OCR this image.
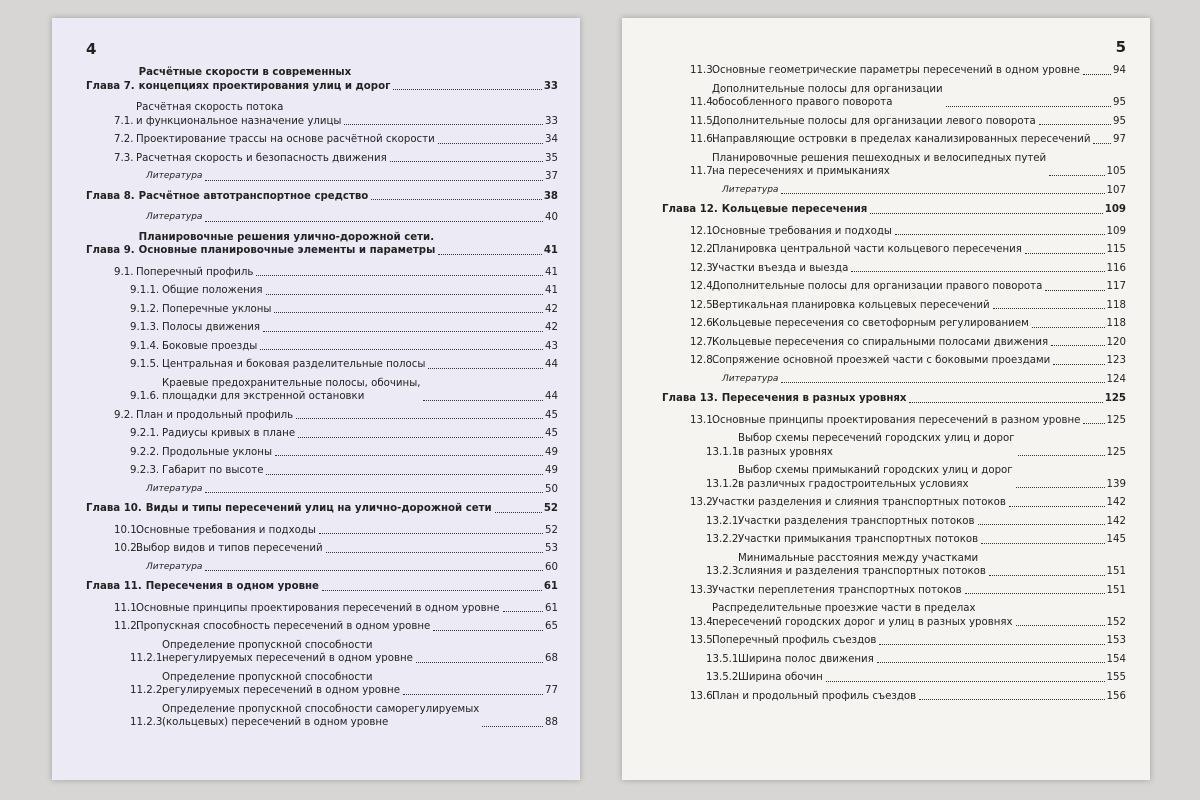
4
Глава 7.
Расчётные скорости в современных
концепциях проектирования улиц и дорог	33
7.1.
Расчётная скорость потока
и функциональное назначение улицы	33
7.2. Проектирование трассы на основе расчётной скорости	34
7.3. Расчетная скорость и безопасность движения	35
Литература	37
Глава 8. Расчётное автотранспортное средство	38
Литература	40
Глава 9.
Планировочные решения улично-дорожной сети.
Основные планировочные элементы и параметры	41
9.1. Поперечный профиль	41
9.1.1. Общие положения	41
9.1.2. Поперечные уклоны	42
9.1.3. Полосы движения	42
9.1.4. Боковые проезды	43
9.1.5. Центральная и боковая разделительные полосы	44
9.1.6.
Краевые предохранительные полосы, обочины,
площадки для экстренной остановки	44
9.2. План и продольный профиль	45
9.2.1. Радиусы кривых в плане	45
9.2.2. Продольные уклоны	49
9.2.3. Габарит по высоте	49
Литература	50
Глава 10. Виды и типы пересечений улиц на улично-дорожной сети	52
10.1.
Основные требования и подходы	52
10.2.
Выбор видов и типов пересечений	53
Литература	60
Глава 11. Пересечения в одном уровне	61
11.1.
Основные принципы проектирования пересечений в одном уровне	61
11.2.
Пропускная способность пересечений в одном уровне	65
11.2.1.
Определение пропускной способности
нерегулируемых пересечений в одном уровне	68
11.2.2.
Определение пропускной способности
регулируемых пересечений в одном уровне	77
11.2.3.
Определение пропускной способности саморегулируемых
(кольцевых) пересечений в одном уровне	88
5
11.3.
Основные геометрические параметры пересечений в одном уровне	94
11.4.
Дополнительные полосы для организации
обособленного правого поворота	95
11.5.
Дополнительные полосы для организации левого поворота	95
11.6.
Направляющие островки в пределах канализированных пересечений 97
11.7.
Планировочные решения пешеходных и велосипедных путей
на пересечениях и примыканиях	105
Литература	107
Глава 12. Кольцевые пересечения	109
12.1.
Основные требования и подходы	109
12.2.
Планировка центральной части кольцевого пересечения	115
12.3.
Участки въезда и выезда	116
12.4.
Дополнительные полосы для организации правого поворота	117
12.5.
Вертикальная планировка кольцевых пересечений	118
12.6.
Кольцевые пересечения со светофорным регулированием	118
12.7.
Кольцевые пересечения со спиральными полосами движения	120
12.8.
Сопряжение основной проезжей части с боковыми проездами	123
Литература	124
Глава 13. Пересечения в разных уровнях	125
13.1.
Основные принципы проектирования пересечений в разном уровне	125
13.1.1.
Выбор схемы пересечений городских улиц и дорог
в разных уровнях	125
13.1.2.
Выбор схемы примыканий городских улиц и дорог
в различных градостроительных условиях	139
13.2.
Участки разделения и слияния транспортных потоков	142
13.2.1.
Участки разделения транспортных потоков	142
13.2.2.
Участки примыкания транспортных потоков	145
13.2.3.
Минимальные расстояния между участками
слияния и разделения транспортных потоков	151
13.3.
Участки переплетения транспортных потоков	151
13.4.
Распределительные проезжие части в пределах
пересечений городских дорог и улиц в разных уровнях	152
13.5.
Поперечный профиль съездов	153
13.5.1.
Ширина полос движения	154
13.5.2.
Ширина обочин	155
13.6.
План и продольный профиль съездов	156
